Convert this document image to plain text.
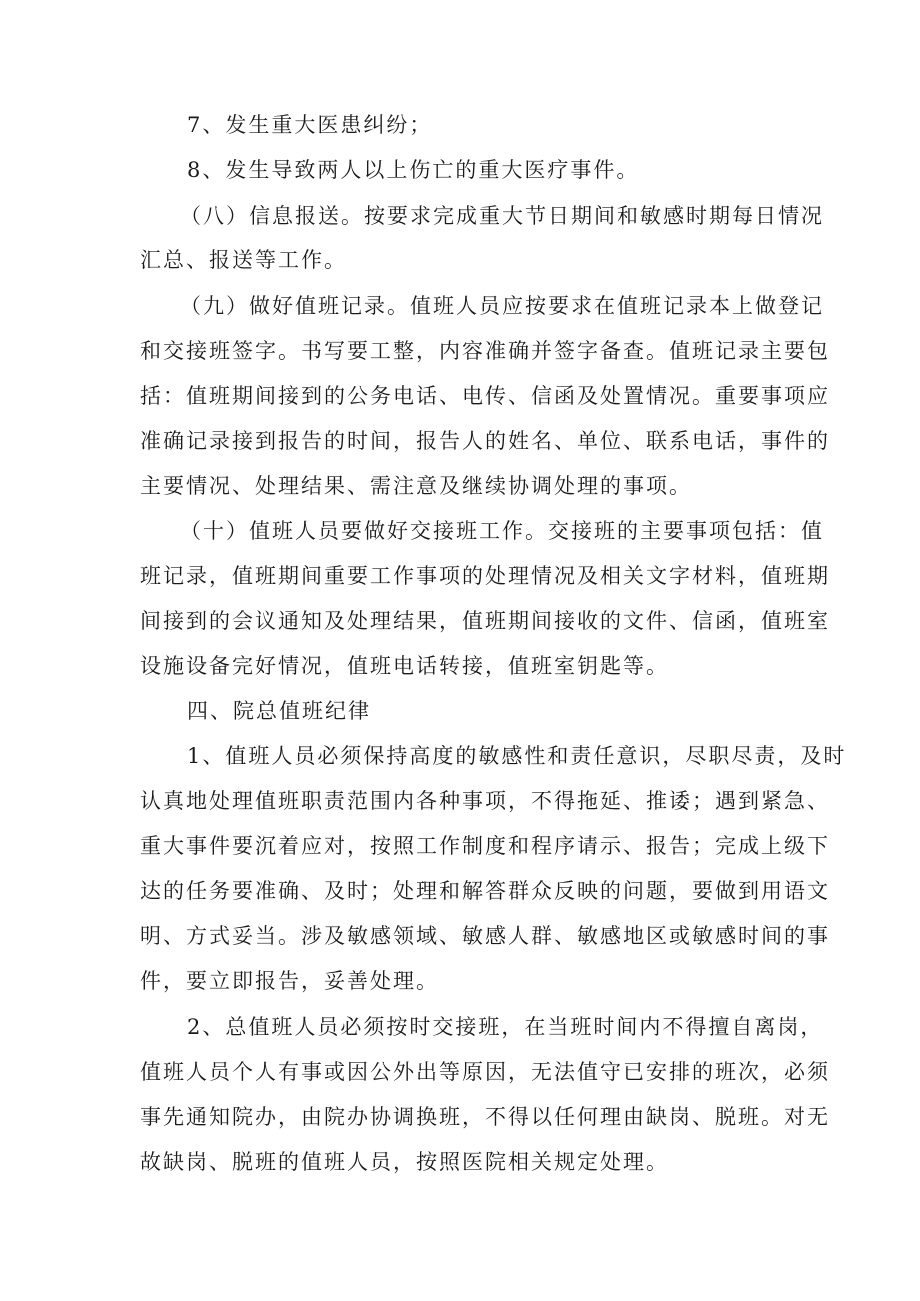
7、发生重大医患纠纷；
8、发生导致两人以上伤亡的重大医疗事件。
（八）信息报送。按要求完成重大节日期间和敏感时期每日情况
汇总、报送等工作。
（九）做好值班记录。值班人员应按要求在值班记录本上做登记
和交接班签字。书写要工整，内容准确并签字备查。值班记录主要包
括：值班期间接到的公务电话、电传、信函及处置情况。重要事项应
准确记录接到报告的时间，报告人的姓名、单位、联系电话，事件的
主要情况、处理结果、需注意及继续协调处理的事项。
（十）值班人员要做好交接班工作。交接班的主要事项包括：值
班记录，值班期间重要工作事项的处理情况及相关文字材料，值班期
间接到的会议通知及处理结果，值班期间接收的文件、信函，值班室
设施设备完好情况，值班电话转接，值班室钥匙等。
四、院总值班纪律
1、值班人员必须保持高度的敏感性和责任意识，尽职尽责，及时
认真地处理值班职责范围内各种事项，不得拖延、推诿；遇到紧急、
重大事件要沉着应对，按照工作制度和程序请示、报告；完成上级下
达的任务要准确、及时；处理和解答群众反映的问题，要做到用语文
明、方式妥当。涉及敏感领域、敏感人群、敏感地区或敏感时间的事
件，要立即报告，妥善处理。
2、总值班人员必须按时交接班，在当班时间内不得擅自离岗，
值班人员个人有事或因公外出等原因，无法值守已安排的班次，必须
事先通知院办，由院办协调换班，不得以任何理由缺岗、脱班。对无
故缺岗、脱班的值班人员，按照医院相关规定处理。
